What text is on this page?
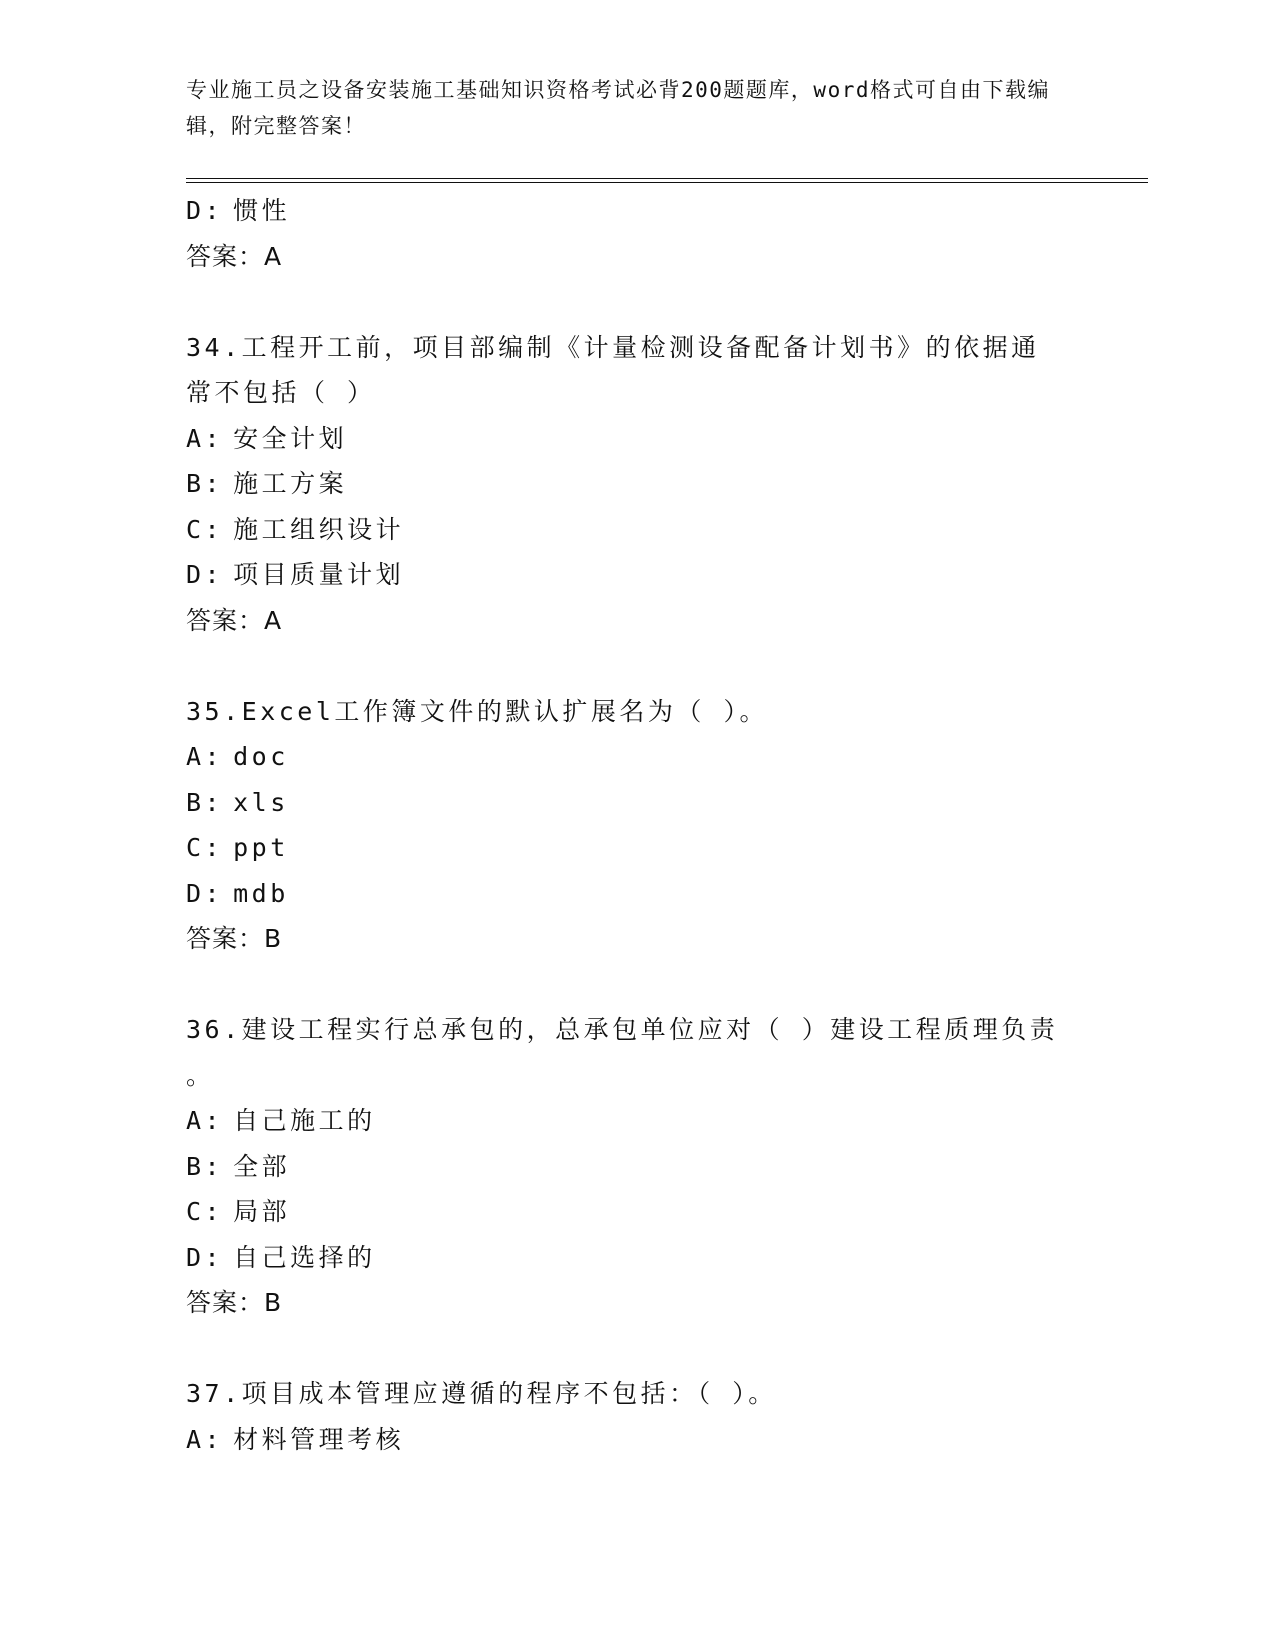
专业施工员之设备安装施工基础知识资格考试必背200题题库，word格式可自由下载编辑，附完整答案！
D: 惯性
答案：A
34.工程开工前，项目部编制《计量检测设备配备计划书》的依据通常不包括（ ）
A: 安全计划
B: 施工方案
C: 施工组织设计
D: 项目质量计划
答案：A
35.Excel工作簿文件的默认扩展名为（ ）。
A: doc
B: xls
C: ppt
D: mdb
答案：B
36.建设工程实行总承包的，总承包单位应对（ ）建设工程质理负责
。
A: 自己施工的
B: 全部
C: 局部
D: 自己选择的
答案：B
37.项目成本管理应遵循的程序不包括：（ ）。
A: 材料管理考核
